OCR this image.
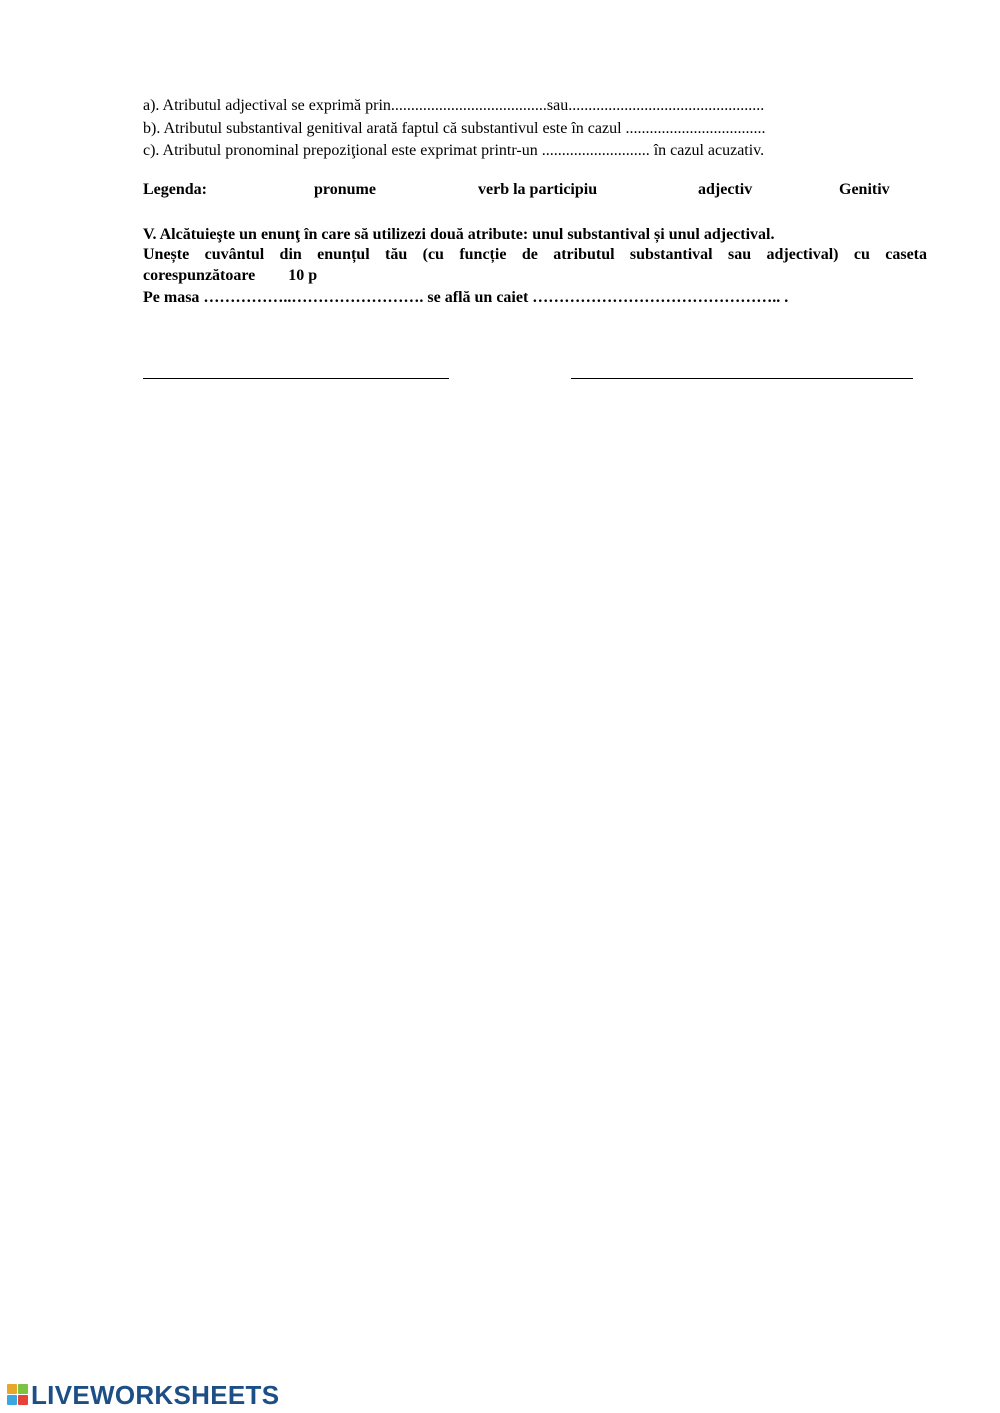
a). Atributul adjectival se exprimă prin.......................................sau.................................................
b). Atributul substantival genitival arată faptul că substantivul este în cazul ...................................
c). Atributul pronominal prepoziţional este exprimat printr-un ........................... în cazul acuzativ.
Legenda:	pronume	verb la participiu	adjectiv	Genitiv
V. Alcătuieşte un enunţ în care să utilizezi două atribute: unul substantival și unul adjectival.
Unește cuvântul din enunțul tău (cu funcție de atributul substantival sau adjectival) cu caseta
corespunzătoare 10 p
Pe masa ……………..……………………. se află un caiet ……………………………………….. .
LIVEWORKSHEETS
